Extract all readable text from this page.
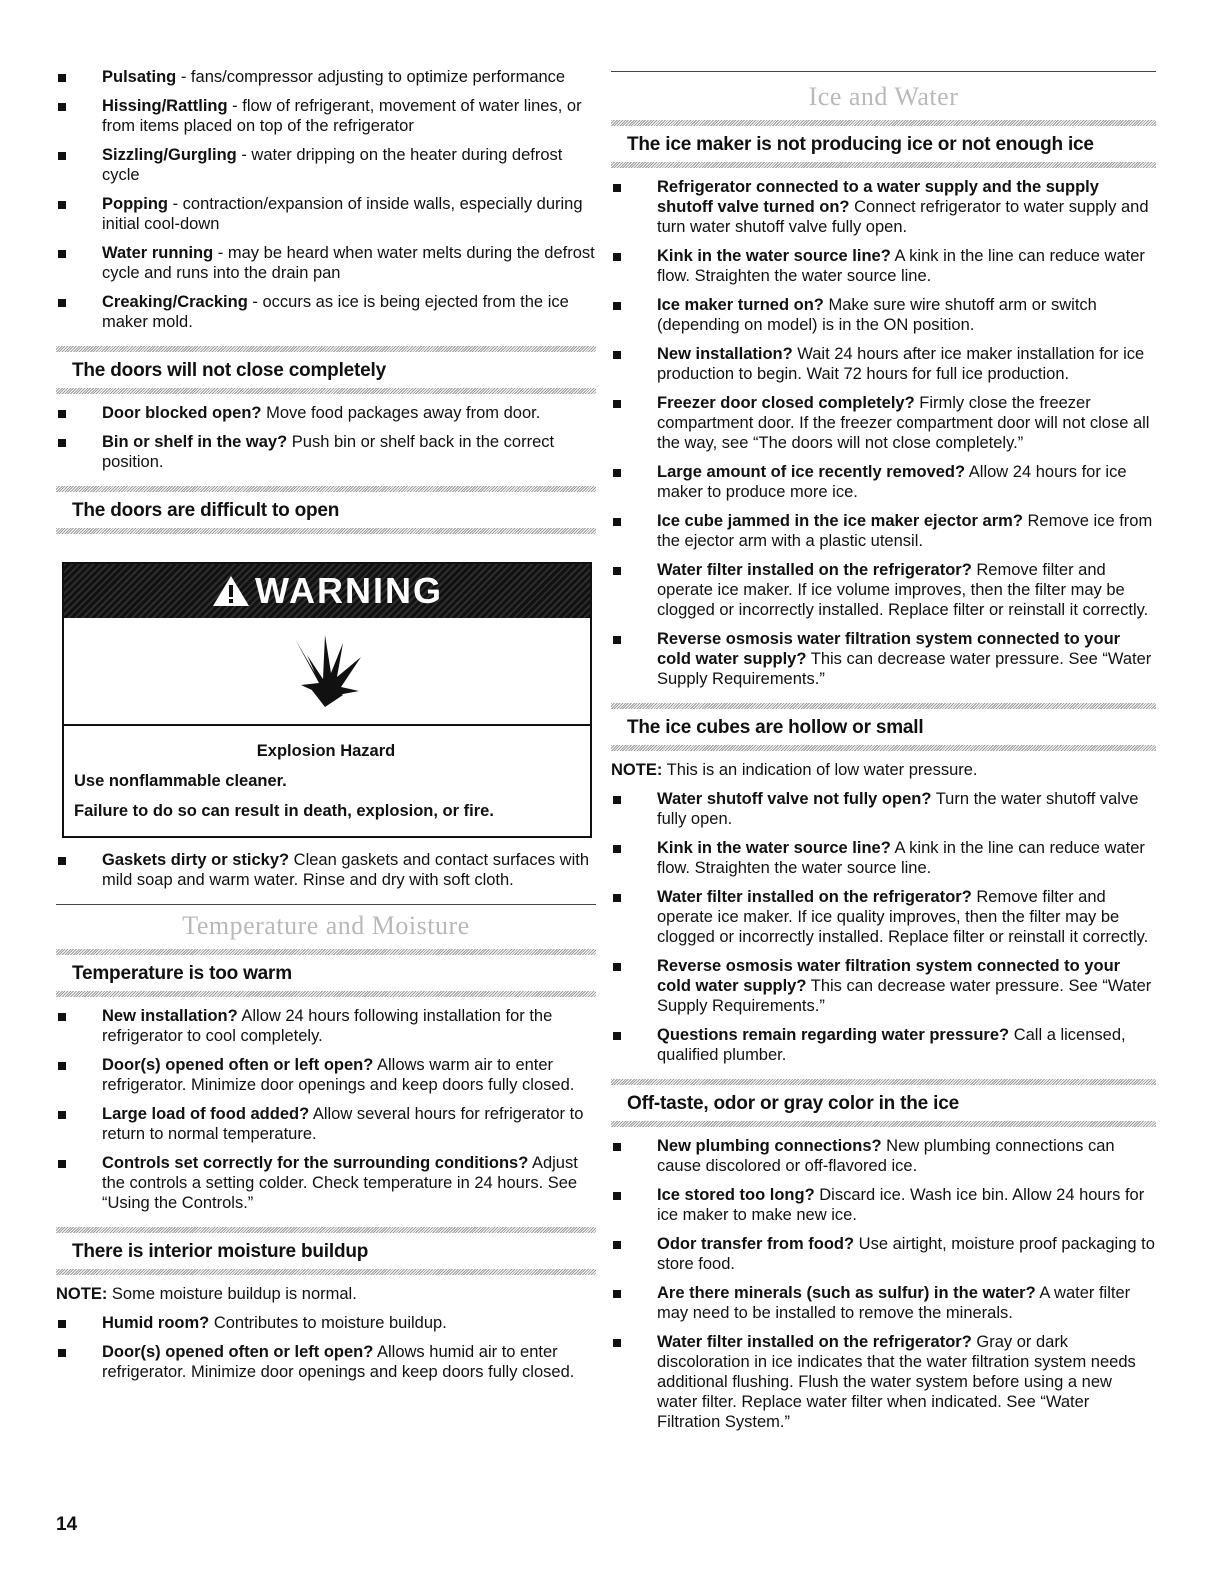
Pulsating - fans/compressor adjusting to optimize performance
Hissing/Rattling - flow of refrigerant, movement of water lines, or from items placed on top of the refrigerator
Sizzling/Gurgling - water dripping on the heater during defrost cycle
Popping - contraction/expansion of inside walls, especially during initial cool-down
Water running - may be heard when water melts during the defrost cycle and runs into the drain pan
Creaking/Cracking - occurs as ice is being ejected from the ice maker mold.
The doors will not close completely
Door blocked open? Move food packages away from door.
Bin or shelf in the way? Push bin or shelf back in the correct position.
The doors are difficult to open
WARNING
Explosion Hazard
Use nonflammable cleaner.
Failure to do so can result in death, explosion, or fire.
Gaskets dirty or sticky? Clean gaskets and contact surfaces with mild soap and warm water. Rinse and dry with soft cloth.
Temperature and Moisture
Temperature is too warm
New installation? Allow 24 hours following installation for the refrigerator to cool completely.
Door(s) opened often or left open? Allows warm air to enter refrigerator. Minimize door openings and keep doors fully closed.
Large load of food added? Allow several hours for refrigerator to return to normal temperature.
Controls set correctly for the surrounding conditions? Adjust the controls a setting colder. Check temperature in 24 hours. See “Using the Controls.”
There is interior moisture buildup
NOTE: Some moisture buildup is normal.
Humid room? Contributes to moisture buildup.
Door(s) opened often or left open? Allows humid air to enter refrigerator. Minimize door openings and keep doors fully closed.
Ice and Water
The ice maker is not producing ice or not enough ice
Refrigerator connected to a water supply and the supply shutoff valve turned on? Connect refrigerator to water supply and turn water shutoff valve fully open.
Kink in the water source line? A kink in the line can reduce water flow. Straighten the water source line.
Ice maker turned on? Make sure wire shutoff arm or switch (depending on model) is in the ON position.
New installation? Wait 24 hours after ice maker installation for ice production to begin. Wait 72 hours for full ice production.
Freezer door closed completely? Firmly close the freezer compartment door. If the freezer compartment door will not close all the way, see “The doors will not close completely.”
Large amount of ice recently removed? Allow 24 hours for ice maker to produce more ice.
Ice cube jammed in the ice maker ejector arm? Remove ice from the ejector arm with a plastic utensil.
Water filter installed on the refrigerator? Remove filter and operate ice maker. If ice volume improves, then the filter may be clogged or incorrectly installed. Replace filter or reinstall it correctly.
Reverse osmosis water filtration system connected to your cold water supply? This can decrease water pressure. See “Water Supply Requirements.”
The ice cubes are hollow or small
NOTE: This is an indication of low water pressure.
Water shutoff valve not fully open? Turn the water shutoff valve fully open.
Kink in the water source line? A kink in the line can reduce water flow. Straighten the water source line.
Water filter installed on the refrigerator? Remove filter and operate ice maker. If ice quality improves, then the filter may be clogged or incorrectly installed. Replace filter or reinstall it correctly.
Reverse osmosis water filtration system connected to your cold water supply? This can decrease water pressure. See “Water Supply Requirements.”
Questions remain regarding water pressure? Call a licensed, qualified plumber.
Off-taste, odor or gray color in the ice
New plumbing connections? New plumbing connections can cause discolored or off-flavored ice.
Ice stored too long? Discard ice. Wash ice bin. Allow 24 hours for ice maker to make new ice.
Odor transfer from food? Use airtight, moisture proof packaging to store food.
Are there minerals (such as sulfur) in the water? A water filter may need to be installed to remove the minerals.
Water filter installed on the refrigerator? Gray or dark discoloration in ice indicates that the water filtration system needs additional flushing. Flush the water system before using a new water filter. Replace water filter when indicated. See “Water Filtration System.”
14
